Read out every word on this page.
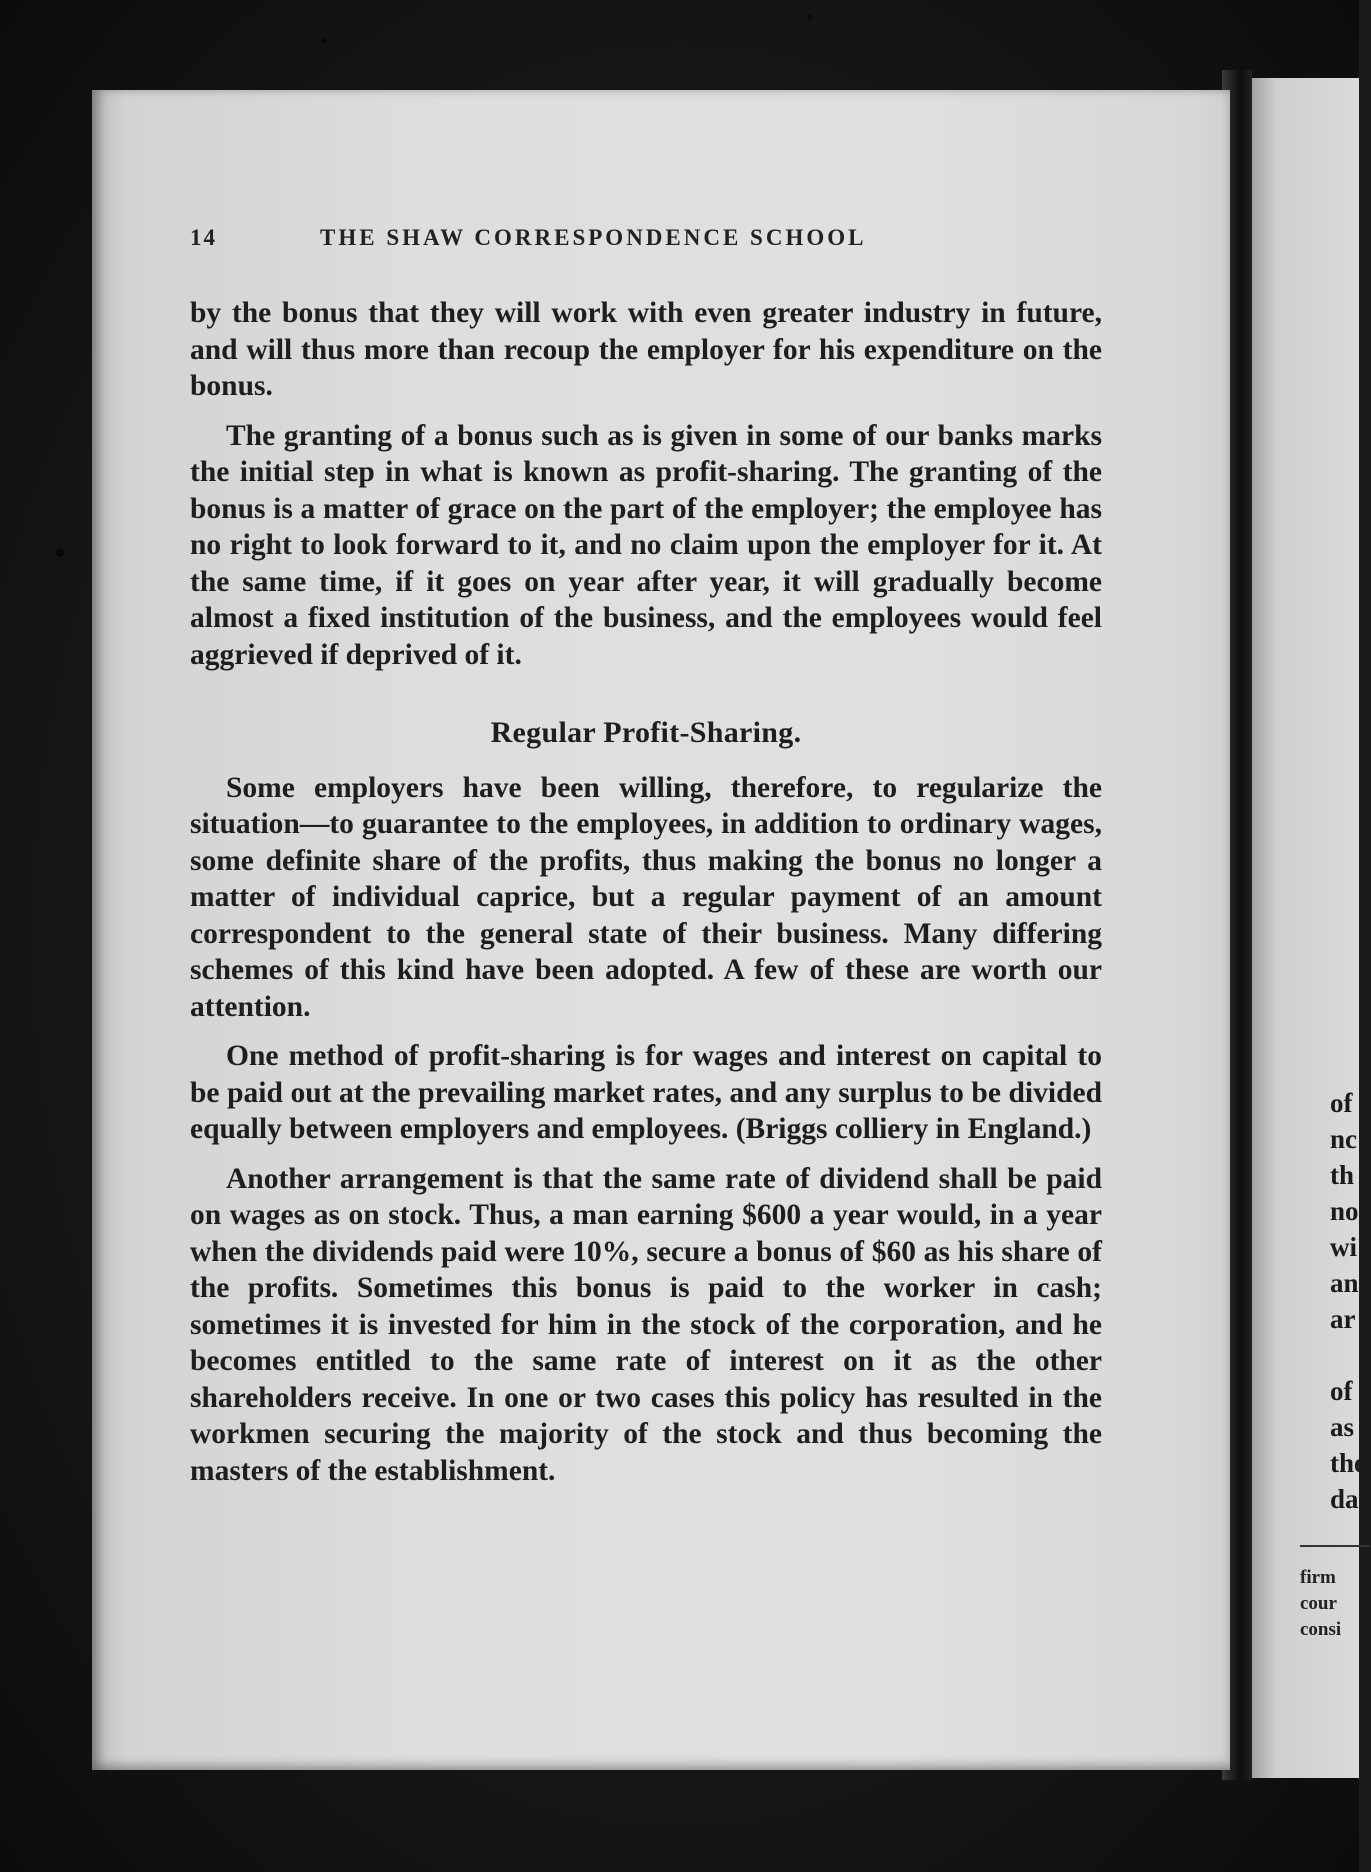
of
nc
th
no
wi
an
ar
of
as
the
dar
firm
cour
consi
14	THE SHAW CORRESPONDENCE SCHOOL

by the bonus that they will work with even greater industry in future, and will thus more than recoup the employer for his expenditure on the bonus.

The granting of a bonus such as is given in some of our banks marks the initial step in what is known as profit-sharing. The granting of the bonus is a matter of grace on the part of the employer; the employee has no right to look forward to it, and no claim upon the employer for it. At the same time, if it goes on year after year, it will gradually become almost a fixed institution of the business, and the employees would feel aggrieved if deprived of it.

Regular Profit-Sharing.

Some employers have been willing, therefore, to regularize the situation—to guarantee to the employees, in addition to ordinary wages, some definite share of the profits, thus making the bonus no longer a matter of individual caprice, but a regular payment of an amount correspondent to the general state of their business. Many differing schemes of this kind have been adopted. A few of these are worth our attention.

One method of profit-sharing is for wages and interest on capital to be paid out at the prevailing market rates, and any surplus to be divided equally between employers and employees. (Briggs colliery in England.)

Another arrangement is that the same rate of dividend shall be paid on wages as on stock. Thus, a man earning $600 a year would, in a year when the dividends paid were 10%, secure a bonus of $60 as his share of the profits. Sometimes this bonus is paid to the worker in cash; sometimes it is invested for him in the stock of the corporation, and he becomes entitled to the same rate of interest on it as the other shareholders receive. In one or two cases this policy has resulted in the workmen securing the majority of the stock and thus becoming the masters of the establishment.
